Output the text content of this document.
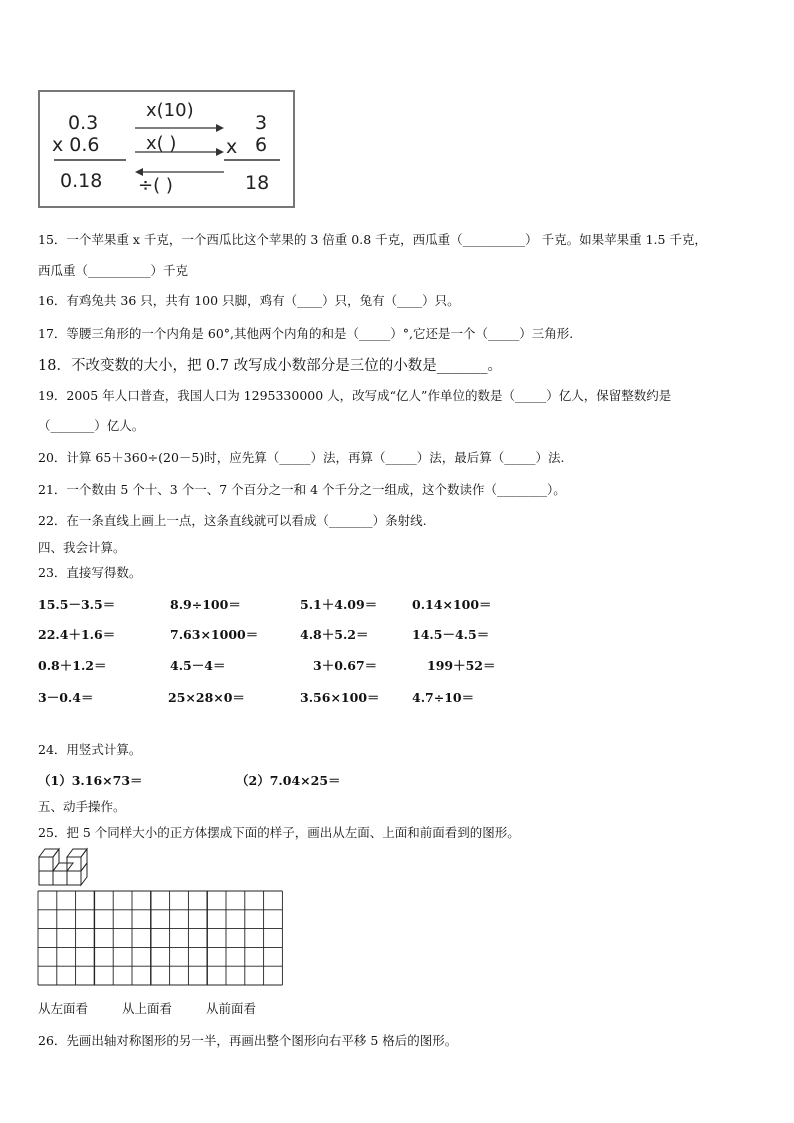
0.3
x 0.6
0.18
x(10)
x( )
÷( )
x
3
6
18
15．一个苹果重 x 千克，一个西瓜比这个苹果的 3 倍重 0.8 千克，西瓜重（__________） 千克。如果苹果重 1.5 千克，
西瓜重（__________）千克
16．有鸡兔共 36 只，共有 100 只脚，鸡有（____）只，兔有（____）只。
17．等腰三角形的一个内角是 60°,其他两个内角的和是（_____）°,它还是一个（_____）三角形.
18．不改变数的大小，把 0.7 改写成小数部分是三位的小数是_______。
19．2005 年人口普查，我国人口为 1295330000 人，改写成“亿人”作单位的数是（_____）亿人，保留整数约是
（_______）亿人。
20．计算 65＋360÷(20－5)时，应先算（_____）法，再算（_____）法，最后算（_____）法.
21．一个数由 5 个十、3 个一、7 个百分之一和 4 个千分之一组成，这个数读作（________）。
22．在一条直线上画上一点，这条直线就可以看成（_______）条射线.
四、我会计算。
23．直接写得数。
15.5－3.5＝	8.9÷100＝	5.1＋4.09＝	0.14×100＝
22.4＋1.6＝	7.63×1000＝	4.8＋5.2＝	14.5－4.5＝
0.8＋1.2＝	4.5－4＝	3＋0.67＝	199＋52＝
3－0.4＝	25×28×0＝	3.56×100＝	4.7÷10＝
24．用竖式计算。
（1）3.16×73＝	（2）7.04×25＝
五、动手操作。
25．把 5 个同样大小的正方体摆成下面的样子，画出从左面、上面和前面看到的图形。
从左面看	从上面看	从前面看
26．先画出轴对称图形的另一半，再画出整个图形向右平移 5 格后的图形。
